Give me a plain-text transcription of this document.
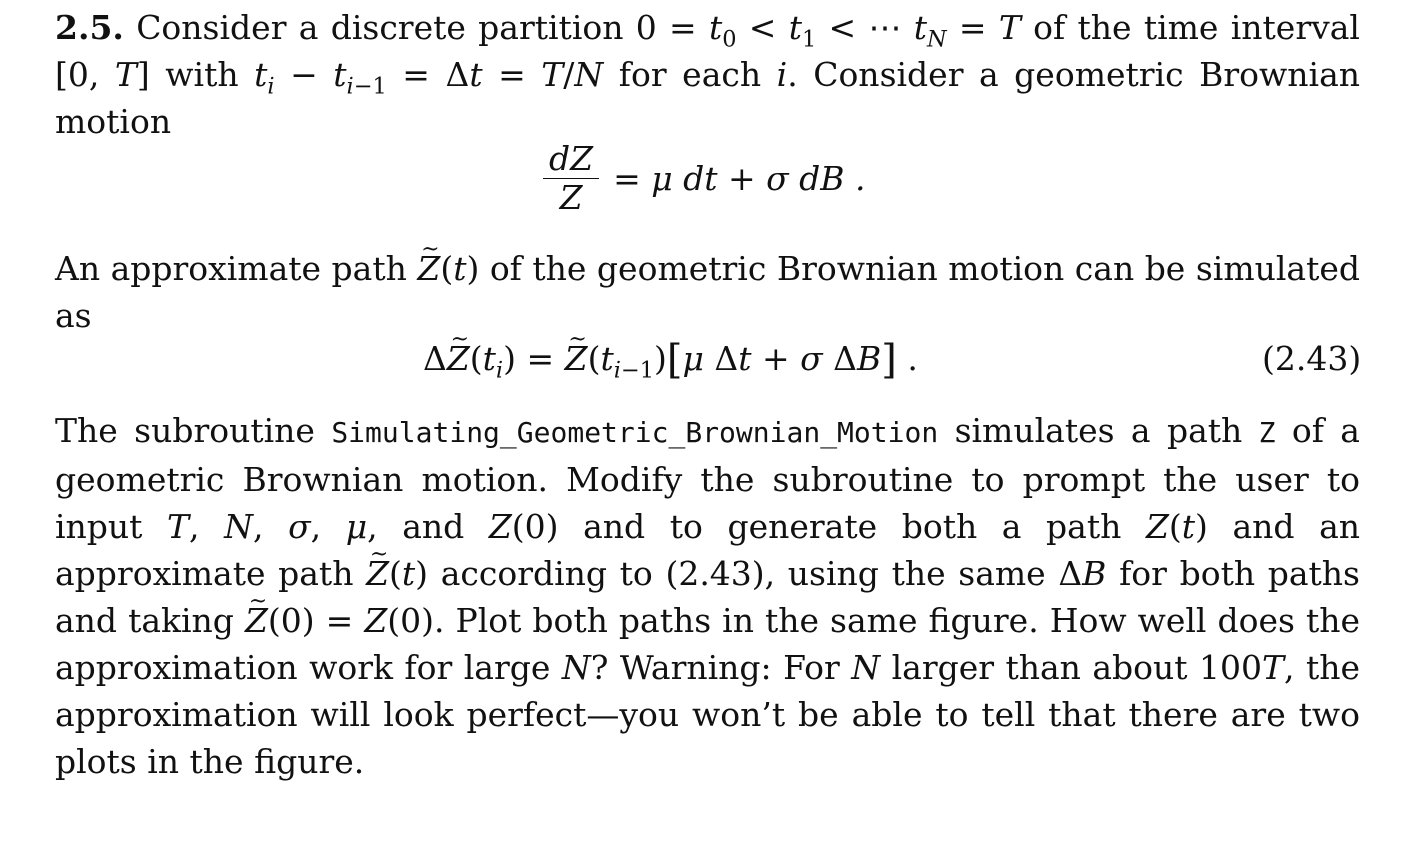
2.5. Consider a discrete partition $0 = t_0 < t_1$ < ⋯ $t_N = T$ of the time interval [0, T] with $t_i - t_{i-1} = \Delta t = T/N$ for each i. Consider a geometric Brownian motion

$\frac{dZ}{Z} = \mu$ dt + σ dB .

An approximate path ~ Z(t) of the geometric Brownian motion can be simulated as

Δ~ $Z(t_i)$ = ~ $Z(t_{i-1})[\mu$ Δt + σ ΔB] .	(2.43)

The subroutine Simulating_Geometric_Brownian_Motion simulates a path Z of a geometric Brownian motion. Modify the subroutine to prompt the user to input T, N, σ, μ, and Z(0) and to generate both a path Z(t) and an approximate path ~ Z(t) according to (2.43), using the same ΔB for both paths and taking ~ Z(0) = Z(0). Plot both paths in the same figure. How well does the approximation work for large N? Warning: For N larger than about 100T, the approximation will look perfect—you won’t be able to tell that there are two plots in the figure.
